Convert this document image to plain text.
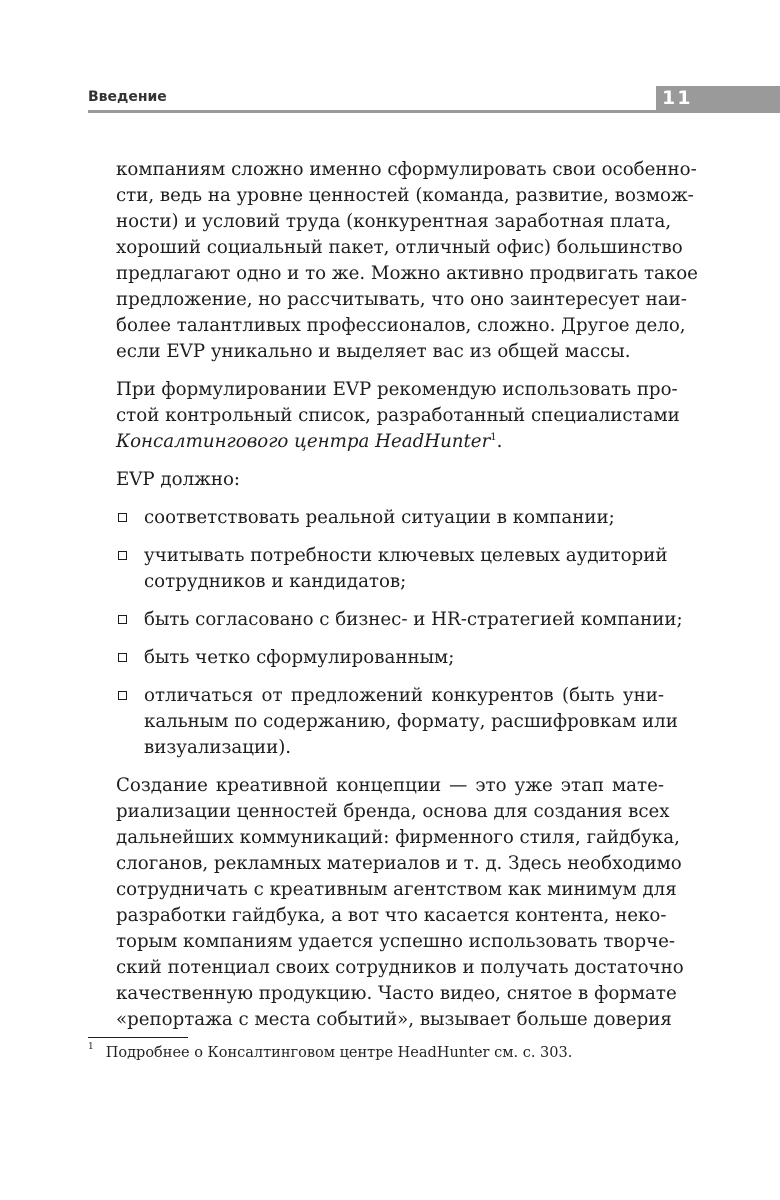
Введение	11

компаниям сложно именно сформулировать свои особенно-
сти, ведь на уровне ценностей (команда, развитие, возмож-
ности) и условий труда (конкурентная заработная плата,
хороший социальный пакет, отличный офис) большинство
предлагают одно и то же. Можно активно продвигать такое
предложение, но рассчитывать, что оно заинтересует наи-
более талантливых профессионалов, сложно. Другое дело,
если EVP уникально и выделяет вас из общей массы.

При формулировании EVP рекомендую использовать про-
стой контрольный список, разработанный специалистами
Консалтингового центра HeadHunter$^1$.

EVP должно:

соответствовать реальной ситуации в компании;
учитывать потребности ключевых целевых аудиторий
сотрудников и кандидатов;
быть согласовано с бизнес- и HR-стратегией компании;
быть четко сформулированным;
отличаться от предложений конкурентов (быть уни-
кальным по содержанию, формату, расшифровкам или
визуализации).

Создание креативной концепции — это уже этап мате-
риализации ценностей бренда, основа для создания всех
дальнейших коммуникаций: фирменного стиля, гайдбука,
слоганов, рекламных материалов и т. д. Здесь необходимо
сотрудничать с креативным агентством как минимум для
разработки гайдбука, а вот что касается контента, неко-
торым компаниям удается успешно использовать творче-
ский потенциал своих сотрудников и получать достаточно
качественную продукцию. Часто видео, снятое в формате
«репортажа с места событий», вызывает больше доверия

$^1$ Подробнее о Консалтинговом центре HeadHunter см. с. 303.
